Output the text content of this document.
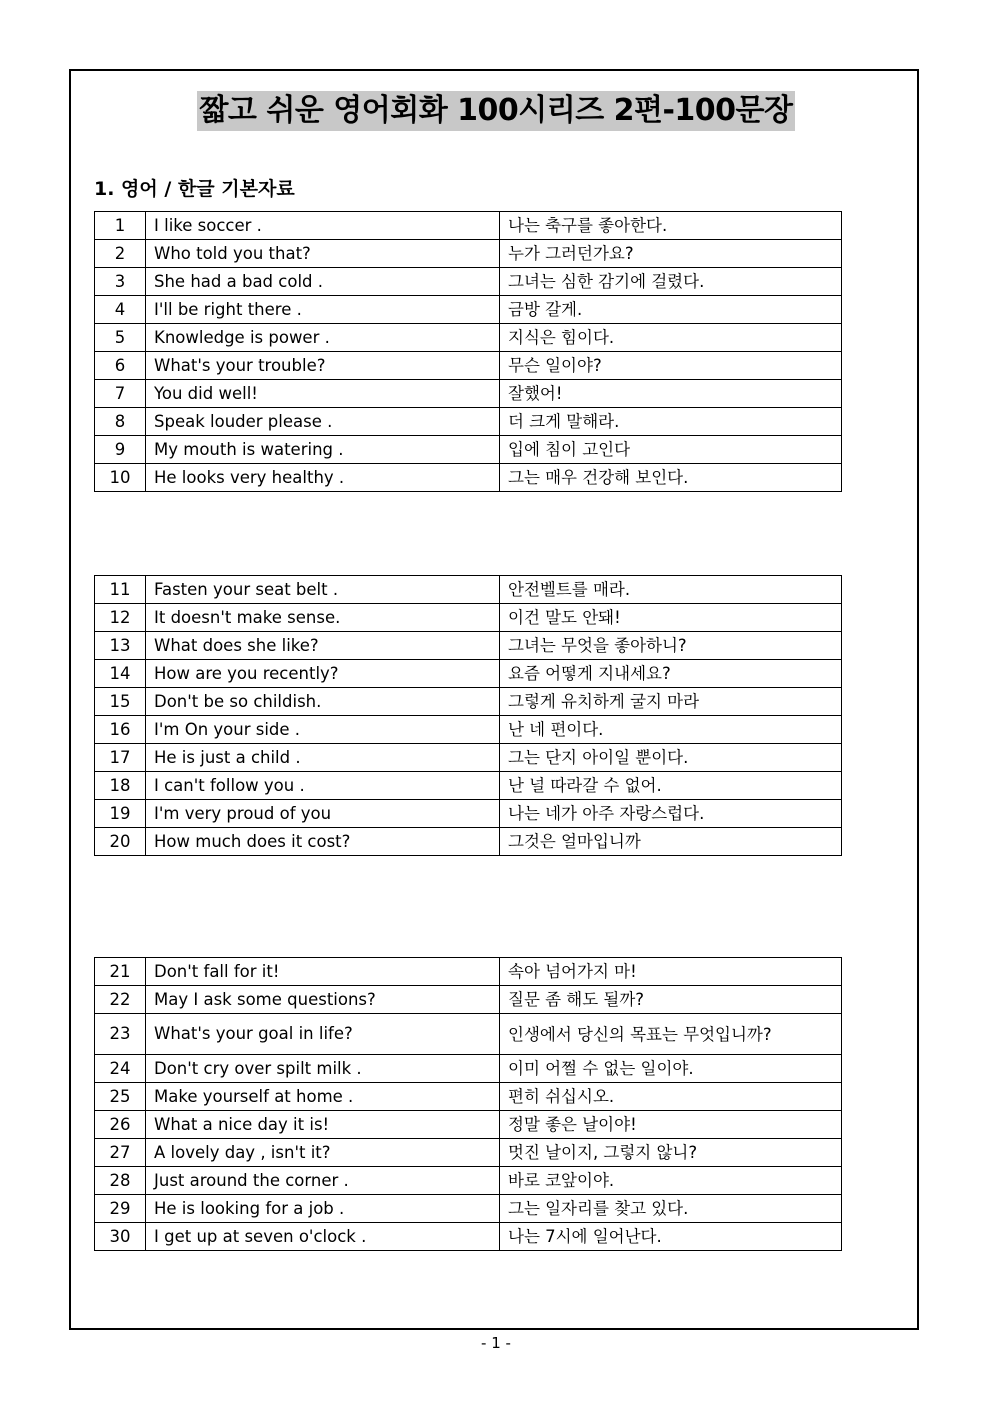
짧고 쉬운 영어회화 100시리즈 2편-100문장
1. 영어 / 한글 기본자료
1	I like soccer .	나는 축구를 좋아한다.
2	Who told you that?	누가 그러던가요?
3	She had a bad cold .	그녀는 심한 감기에 걸렸다.
4	I'll be right there .	금방 갈게.
5	Knowledge is power .	지식은 힘이다.
6	What's your trouble?	무슨 일이야?
7	You did well!	잘했어!
8	Speak louder please .	더 크게 말해라.
9	My mouth is watering .	입에 침이 고인다
10	He looks very healthy .	그는 매우 건강해 보인다.
11	Fasten your seat belt .	안전벨트를 매라.
12	It doesn't make sense.	이건 말도 안돼!
13	What does she like?	그녀는 무엇을 좋아하니?
14	How are you recently?	요즘 어떻게 지내세요?
15	Don't be so childish.	그렇게 유치하게 굴지 마라
16	I'm On your side .	난 네 편이다.
17	He is just a child .	그는 단지 아이일 뿐이다.
18	I can't follow you .	난 널 따라갈 수 없어.
19	I'm very proud of you	나는 네가 아주 자랑스럽다.
20	How much does it cost?	그것은 얼마입니까
21	Don't fall for it!	속아 넘어가지 마!
22	May I ask some questions?	질문 좀 해도 될까?
23	What's your goal in life?	인생에서 당신의 목표는 무엇입니까?
24	Don't cry over spilt milk .	이미 어쩔 수 없는 일이야.
25	Make yourself at home .	편히 쉬십시오.
26	What a nice day it is!	정말 좋은 날이야!
27	A lovely day , isn't it?	멋진 날이지, 그렇지 않니?
28	Just around the corner .	바로 코앞이야.
29	He is looking for a job .	그는 일자리를 찾고 있다.
30	I get up at seven o'clock .	나는 7시에 일어난다.
- 1 -
